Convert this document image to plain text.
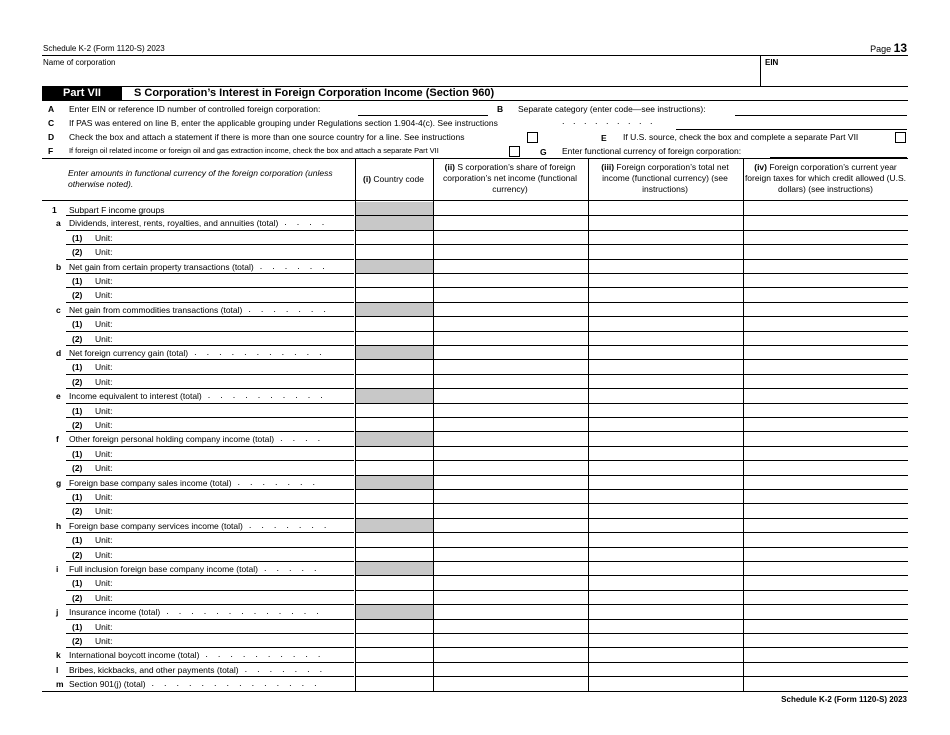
Schedule K-2 (Form 1120-S) 2023	Page 13
Name of corporation	EIN
Part VII	S Corporation’s Interest in Foreign Corporation Income (Section 960)
A Enter EIN or reference ID number of controlled foreign corporation:	B Separate category (enter code—see instructions):
C If PAS was entered on line B, enter the applicable grouping under Regulations section 1.904-4(c). See instructions	. . . . . . . . .
D Check the box and attach a statement if there is more than one source country for a line. See instructions	E If U.S. source, check the box and complete a separate Part VII
F If foreign oil related income or foreign oil and gas extraction income, check the box and attach a separate Part VII	G Enter functional currency of foreign corporation:
Enter amounts in functional currency of the foreign corporation (unless otherwise noted).	(i) Country code
(ii) S corporation’s share of foreign corporation’s net income (functional currency)
(iii) Foreign corporation’s total net income (functional currency) (see instructions)
(iv) Foreign corporation’s current year foreign taxes for which credit allowed (U.S. dollars) (see instructions)
1 Subpart F income groups
a Dividends, interest, rents, royalties, and annuities (total)
(1) Unit:
(2) Unit:
b Net gain from certain property transactions (total)
(1) Unit:
(2) Unit:
c Net gain from commodities transactions (total)
(1) Unit:
(2) Unit:
d Net foreign currency gain (total)
(1) Unit:
(2) Unit:
e Income equivalent to interest (total)
(1) Unit:
(2) Unit:
f Other foreign personal holding company income (total)
(1) Unit:
(2) Unit:
g Foreign base company sales income (total)
(1) Unit:
(2) Unit:
h Foreign base company services income (total)
(1) Unit:
(2) Unit:
i Full inclusion foreign base company income (total)
(1) Unit:
(2) Unit:
j Insurance income (total)
(1) Unit:
(2) Unit:
k International boycott income (total)
l Bribes, kickbacks, and other payments (total)
m Section 901(j) (total)
.    .    .    .
.    .    .    .    .    .
.    .    .    .    .    .    .
.    .    .    .    .    .    .    .    .    .    .
.    .    .    .    .    .    .    .    .    .
.    .    .    .
.    .    .    .    .    .    .
.    .    .    .    .    .    .
.    .    .    .    .
.    .    .    .    .    .    .    .    .    .    .    .    .
.    .    .    .    .    .    .    .    .    .
.    .    .    .    .    .    .
.    .    .    .    .    .    .    .    .    .    .    .    .    .
Schedule K-2 (Form 1120-S) 2023
